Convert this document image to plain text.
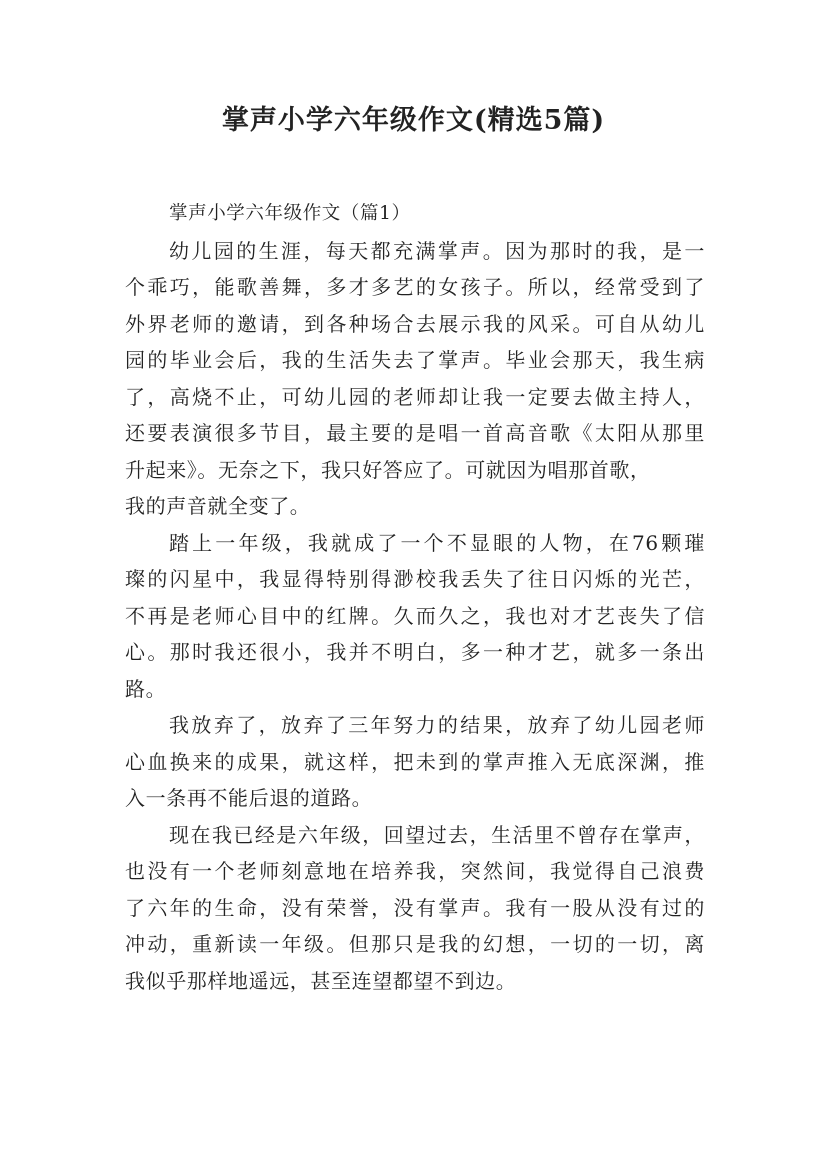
掌声小学六年级作文(精选5篇)
掌声小学六年级作文（篇1）
幼儿园的生涯，每天都充满掌声。因为那时的我，是一
个乖巧，能歌善舞，多才多艺的女孩子。所以，经常受到了
外界老师的邀请，到各种场合去展示我的风采。可自从幼儿
园的毕业会后，我的生活失去了掌声。毕业会那天，我生病
了，高烧不止，可幼儿园的老师却让我一定要去做主持人，
还要表演很多节目，最主要的是唱一首高音歌《太阳从那里
升起来》。无奈之下，我只好答应了。可就因为唱那首歌，
我的声音就全变了。
踏上一年级，我就成了一个不显眼的人物，在76颗璀
璨的闪星中，我显得特别得渺校我丢失了往日闪烁的光芒，
不再是老师心目中的红牌。久而久之，我也对才艺丧失了信
心。那时我还很小，我并不明白，多一种才艺，就多一条出
路。
我放弃了，放弃了三年努力的结果，放弃了幼儿园老师
心血换来的成果，就这样，把未到的掌声推入无底深渊，推
入一条再不能后退的道路。
现在我已经是六年级，回望过去，生活里不曾存在掌声，
也没有一个老师刻意地在培养我，突然间，我觉得自己浪费
了六年的生命，没有荣誉，没有掌声。我有一股从没有过的
冲动，重新读一年级。但那只是我的幻想，一切的一切，离
我似乎那样地遥远，甚至连望都望不到边。
